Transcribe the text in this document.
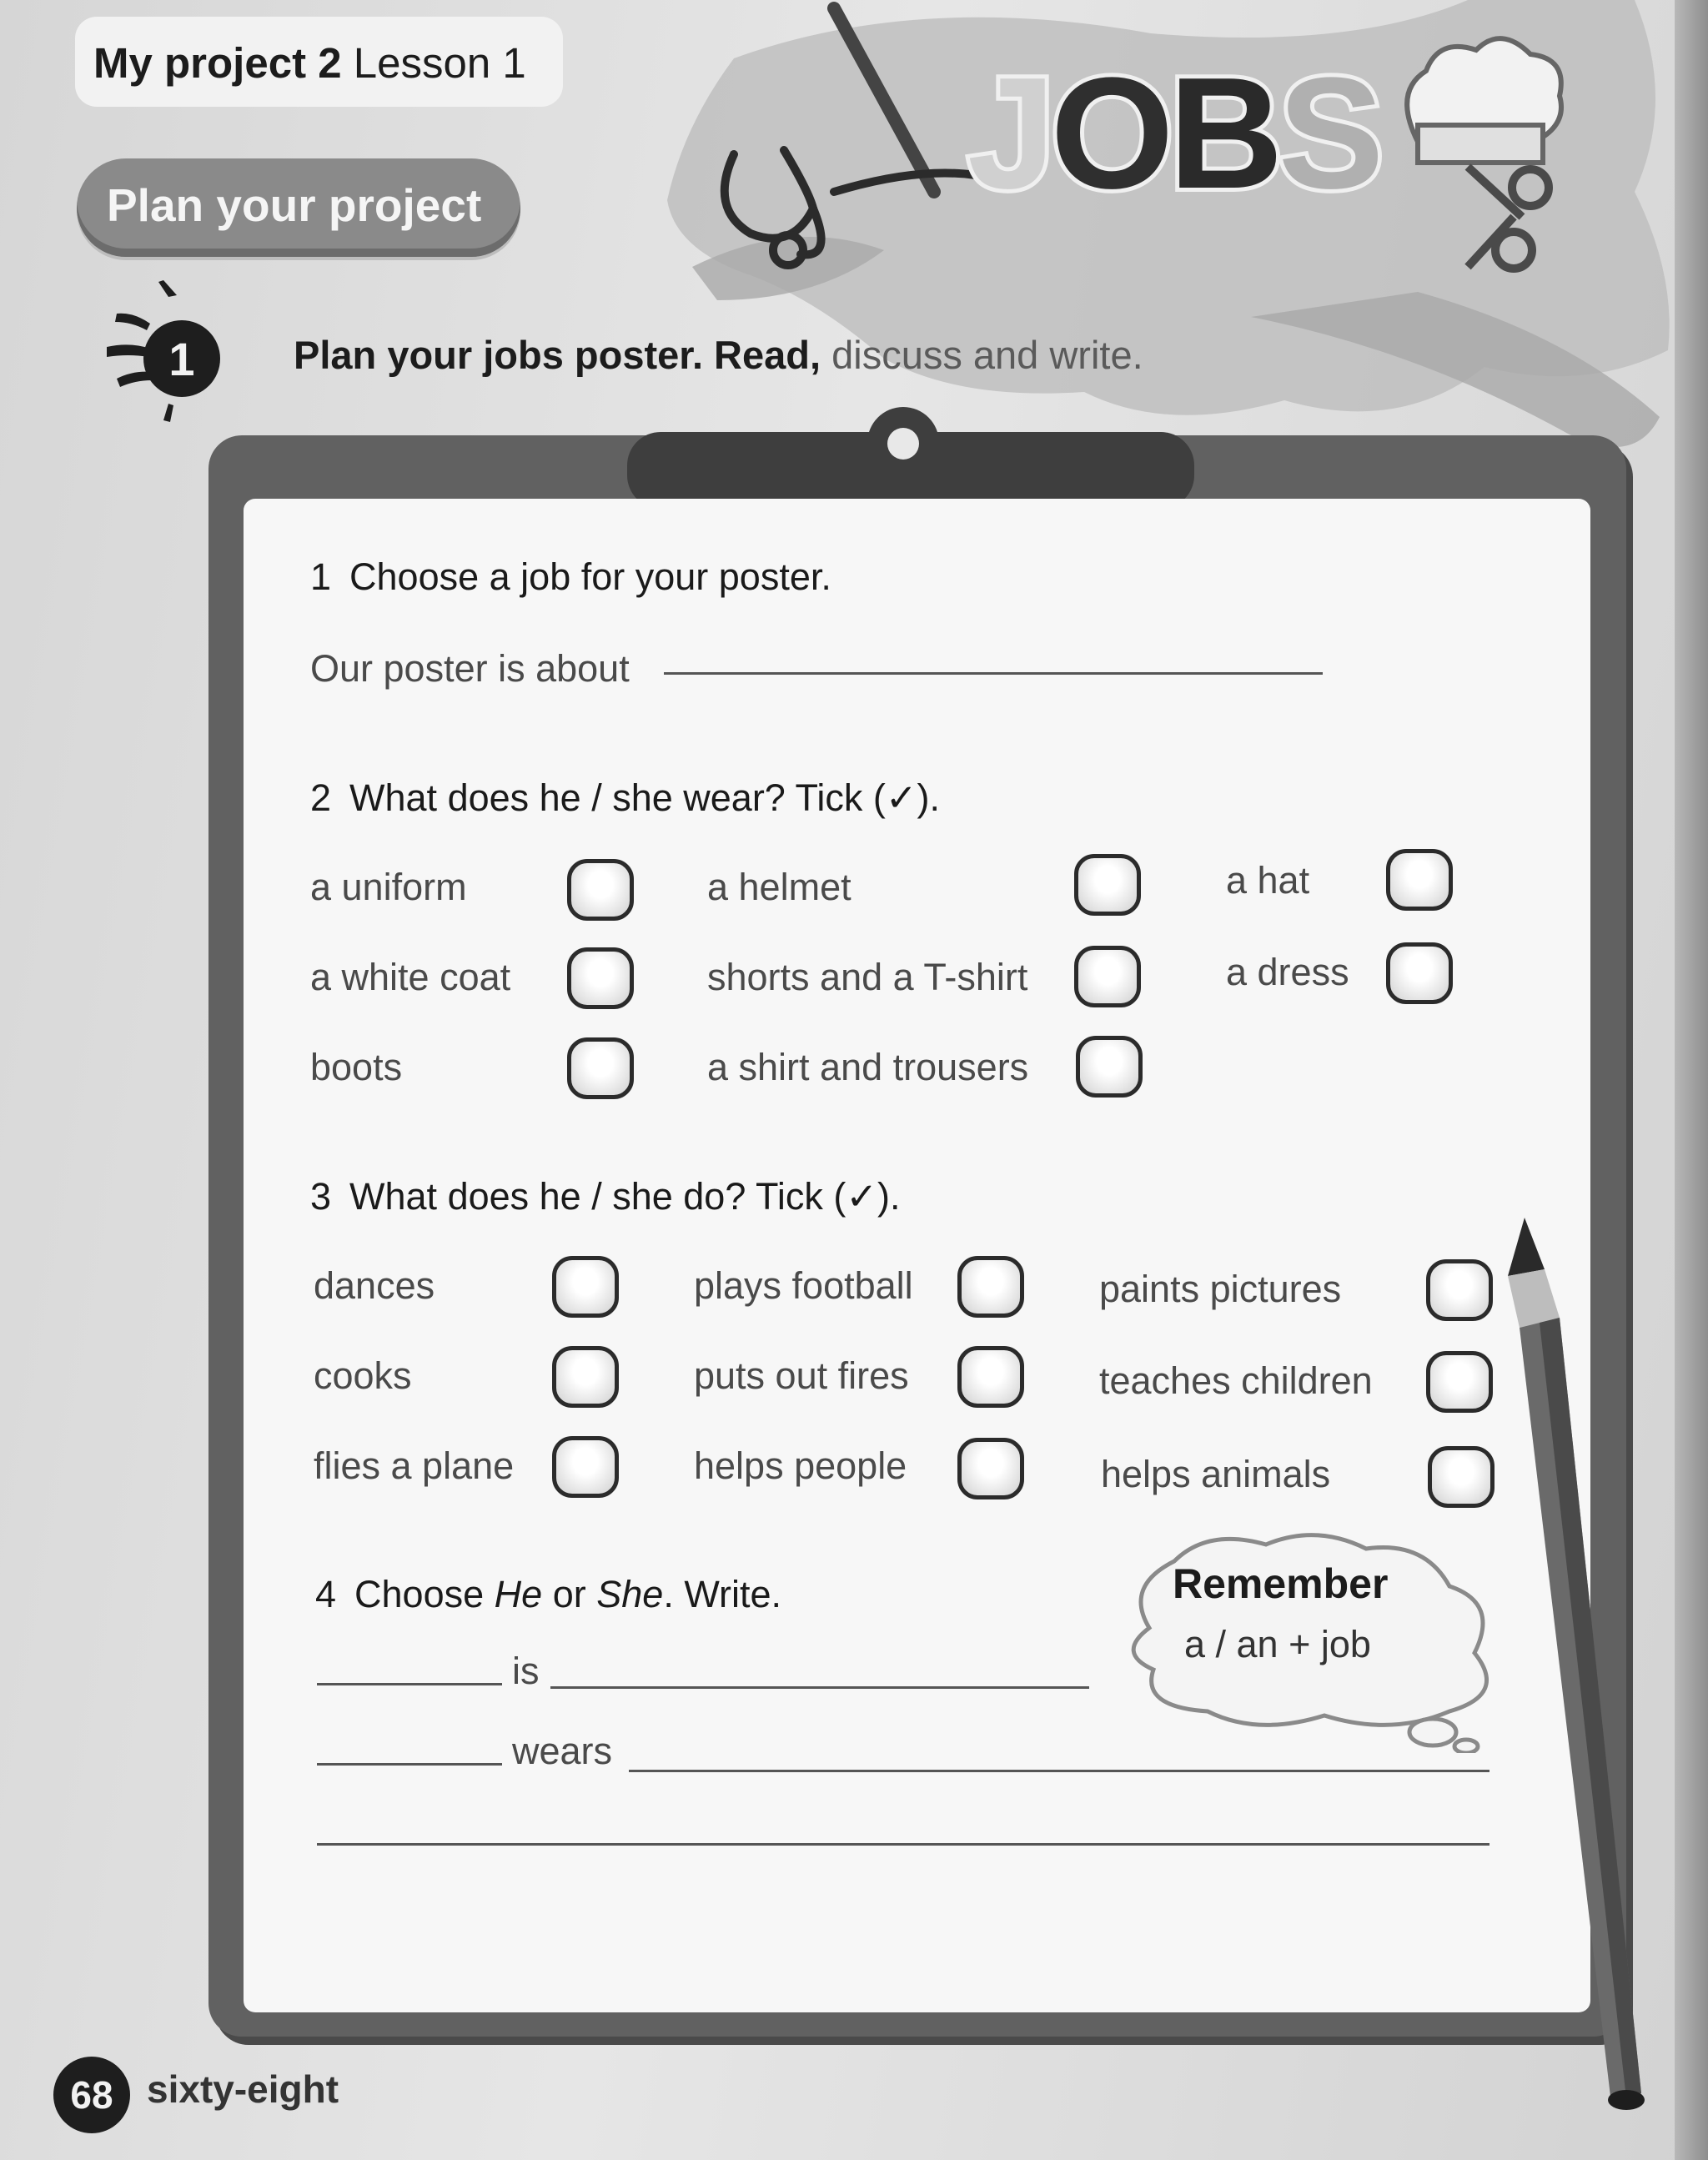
JOBS
My project 2 Lesson 1
Plan your project
1	Plan your jobs poster. Read, discuss and write.
1 Choose a job for your poster.
Our poster is about
2 What does he / she wear? Tick (✓).
a uniform	a helmet	a hat
a white coat	shorts and a T-shirt	a dress
boots	a shirt and trousers
3 What does he / she do? Tick (✓).
dances	plays football	paints pictures
cooks	puts out fires	teaches children
flies a plane	helps people	helps animals
4 Choose He or She. Write.
is
wears
Remember
a / an + job
68 sixty-eight
